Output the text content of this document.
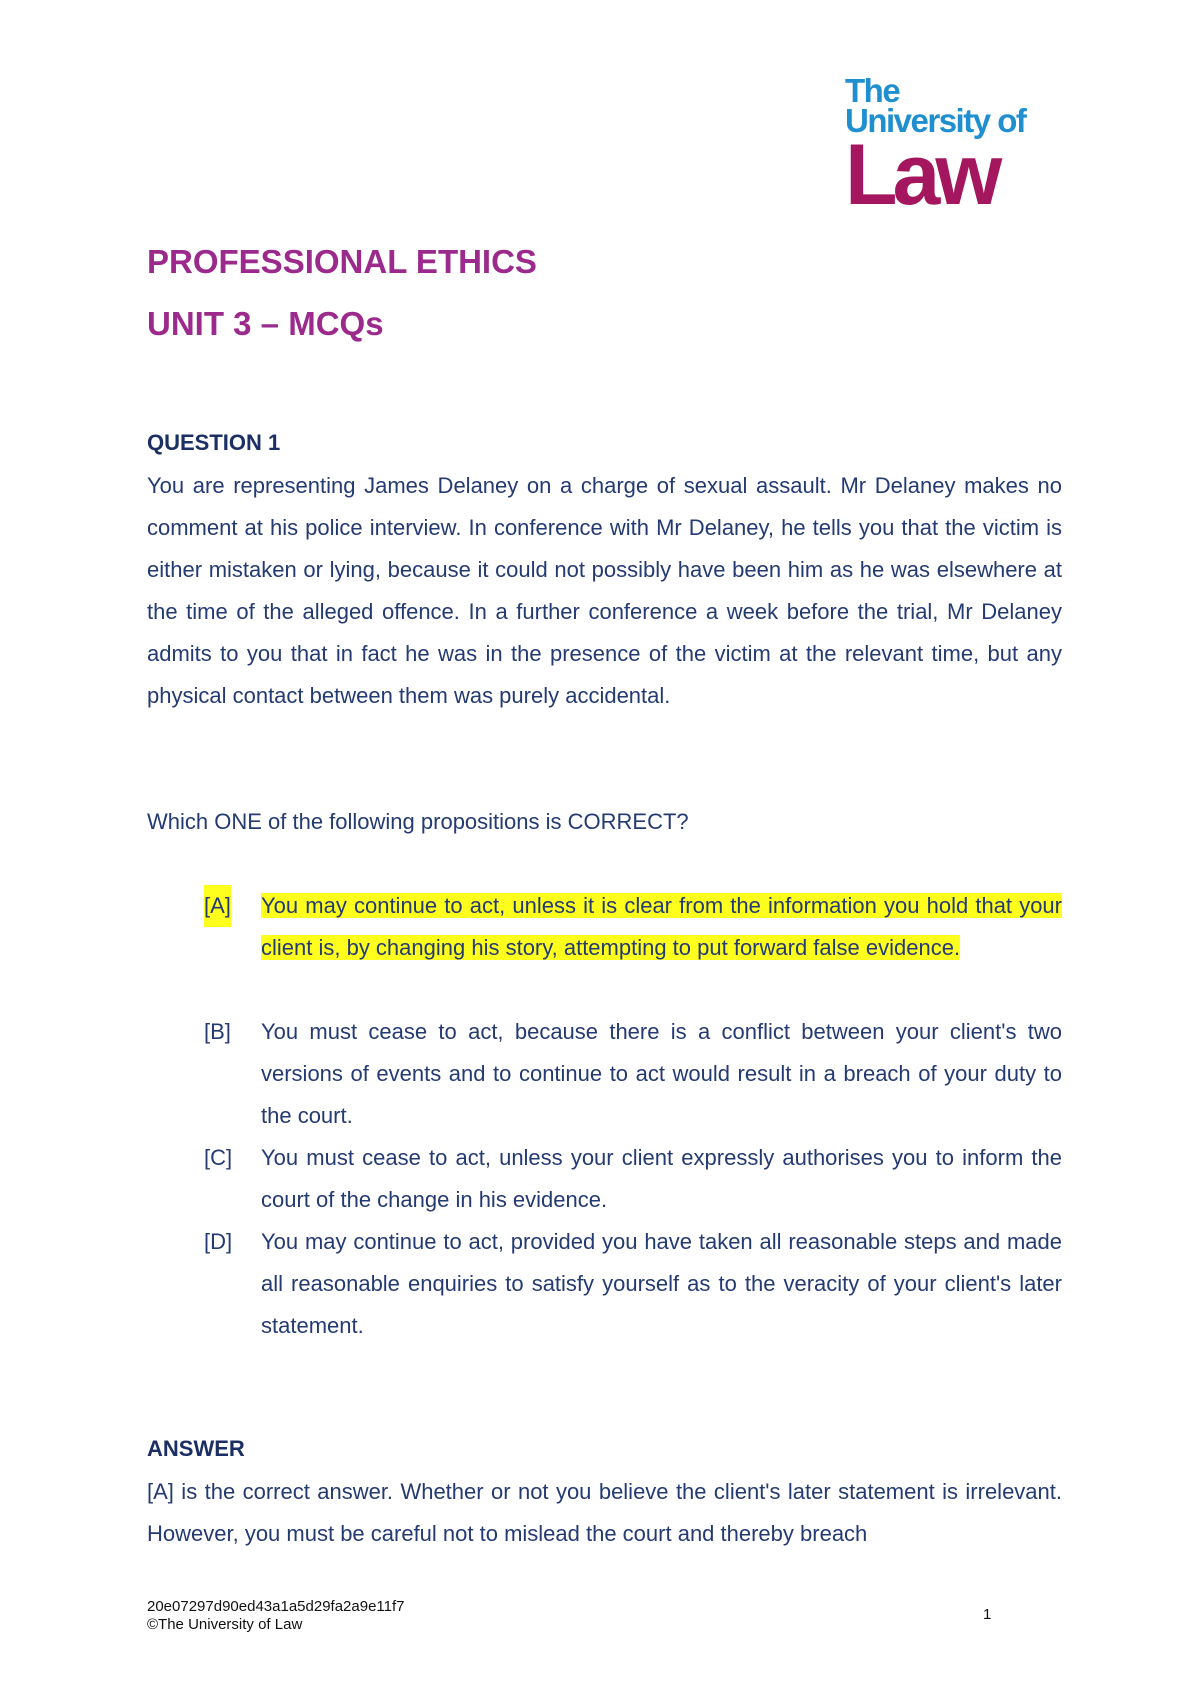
The
University of
Law
PROFESSIONAL ETHICS
UNIT 3 – MCQs
QUESTION 1
You are representing James Delaney on a charge of sexual assault. Mr Delaney makes no comment at his police interview. In conference with Mr Delaney, he tells you that the victim is either mistaken or lying, because it could not possibly have been him as he was elsewhere at the time of the alleged offence. In a further conference a week before the trial, Mr Delaney admits to you that in fact he was in the presence of the victim at the relevant time, but any physical contact between them was purely accidental.
Which ONE of the following propositions is CORRECT?
[A] You may continue to act, unless it is clear from the information you hold that your client is, by changing his story, attempting to put forward false evidence.
[B] You must cease to act, because there is a conflict between your client's two versions of events and to continue to act would result in a breach of your duty to the court.
[C] You must cease to act, unless your client expressly authorises you to inform the court of the change in his evidence.
[D] You may continue to act, provided you have taken all reasonable steps and made all reasonable enquiries to satisfy yourself as to the veracity of your client's later statement.
ANSWER
[A] is the correct answer. Whether or not you believe the client's later statement is irrelevant. However, you must be careful not to mislead the court and thereby breach
20e07297d90ed43a1a5d29fa2a9e11f7
©The University of Law
1
